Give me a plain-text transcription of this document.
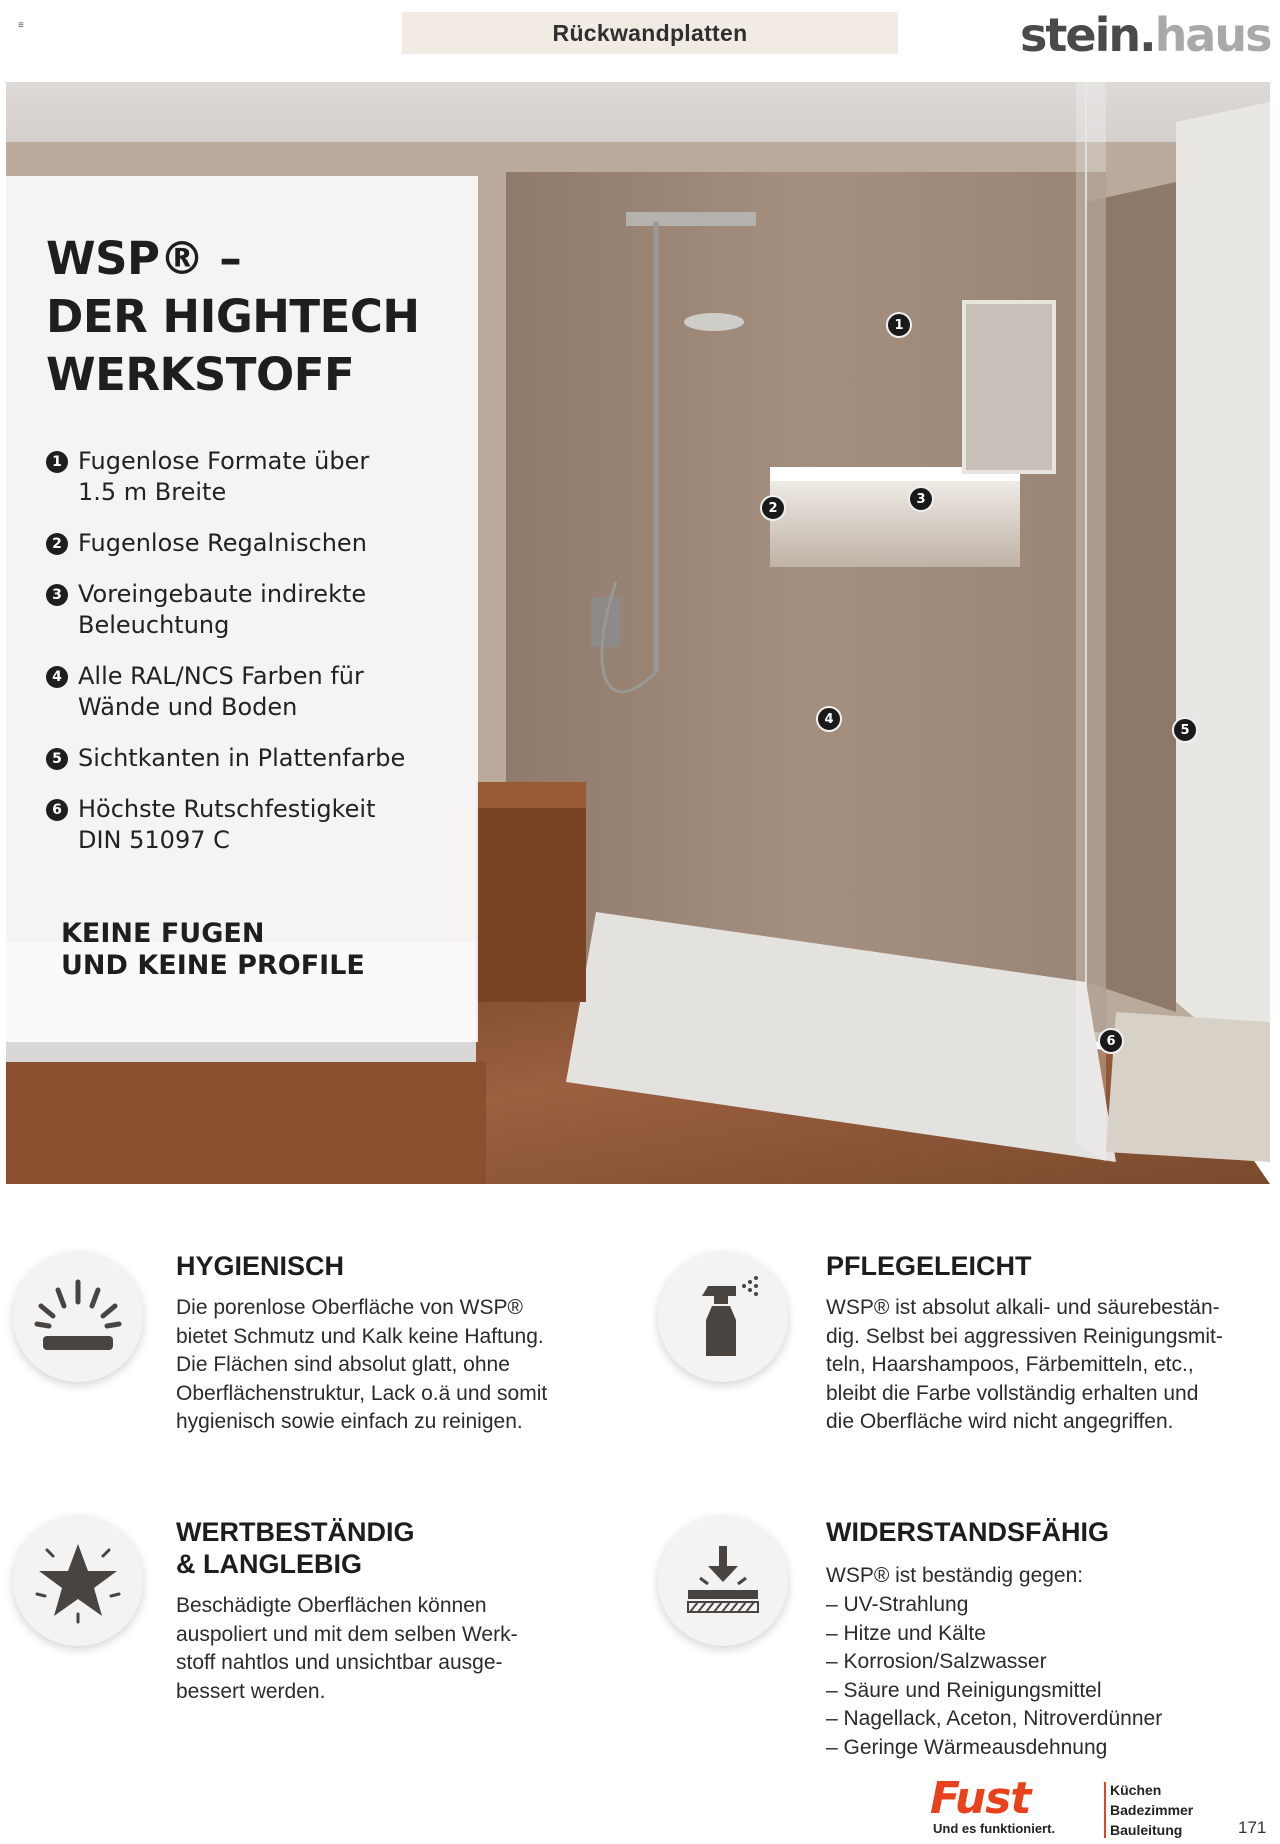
≡	Rückwandplatten	stein.haus
1
2
3
4
5
6
WSP® –
DER HIGHTECH
WERKSTOFF
1 Fugenlose Formate über
1.5 m Breite
2 Fugenlose Regalnischen
3 Voreingebaute indirekte
Beleuchtung
4 Alle RAL/NCS Farben für
Wände und Boden
5 Sichtkanten in Plattenfarbe
6 Höchste Rutschfestigkeit
DIN 51097 C
KEINE FUGEN
UND KEINE PROFILE
HYGIENISCH
Die porenlose Oberfläche von WSP®
bietet Schmutz und Kalk keine Haftung.
Die Flächen sind absolut glatt, ohne
Oberflächenstruktur, Lack o.ä und somit
hygienisch sowie einfach zu reinigen.
PFLEGELEICHT
WSP® ist absolut alkali- und säurebestän-
dig. Selbst bei aggressiven Reinigungsmit-
teln, Haarshampoos, Färbemitteln, etc.,
bleibt die Farbe vollständig erhalten und
die Oberfläche wird nicht angegriffen.
WERTBESTÄNDIG
& LANGLEBIG
Beschädigte Oberflächen können
auspoliert und mit dem selben Werk-
stoff nahtlos und unsichtbar ausge-
bessert werden.
WIDERSTANDSFÄHIG
WSP® ist beständig gegen:
– UV-Strahlung
– Hitze und Kälte
– Korrosion/Salzwasser
– Säure und Reinigungsmittel
– Nagellack, Aceton, Nitroverdünner
– Geringe Wärmeausdehnung
Fust
Und es funktioniert.
Küchen
Badezimmer
Bauleitung	171
